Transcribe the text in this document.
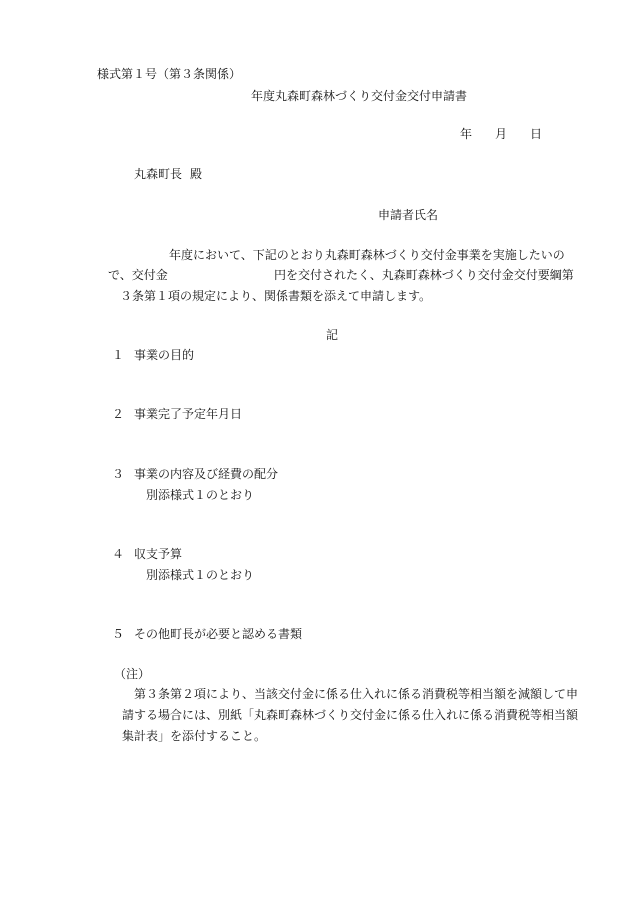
様式第１号（第３条関係）
年度丸森町森林づくり交付金交付申請書
年 月 日
丸森町長 殿
申請者氏名
年度において、下記のとおり丸森町森林づくり交付金事業を実施したいの
で、交付金	円を交付されたく、丸森町森林づくり交付金交付要綱第
３条第１項の規定により、関係書類を添えて申請します。
記
１ 事業の目的
２ 事業完了予定年月日
３ 事業の内容及び経費の配分
別添様式１のとおり
４ 収支予算
別添様式１のとおり
５ その他町長が必要と認める書類
（注）
第３条第２項により、当該交付金に係る仕入れに係る消費税等相当額を減額して申
請する場合には、別紙「丸森町森林づくり交付金に係る仕入れに係る消費税等相当額
集計表」を添付すること。
